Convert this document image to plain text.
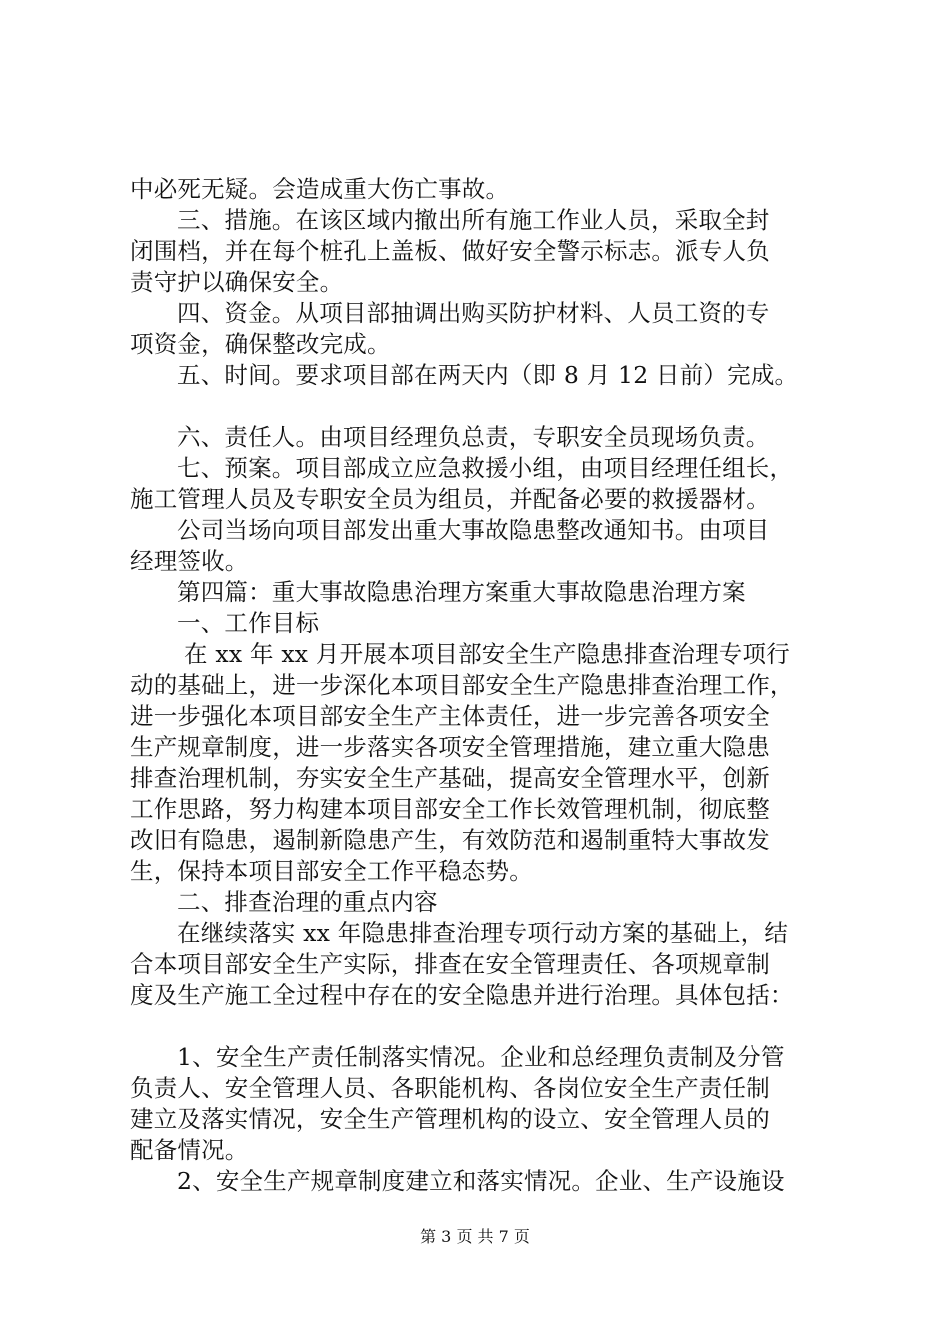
中必死无疑。会造成重大伤亡事故。
三、措施。在该区域内撤出所有施工作业人员，采取全封
闭围档，并在每个桩孔上盖板、做好安全警示标志。派专人负
责守护以确保安全。
四、资金。从项目部抽调出购买防护材料、人员工资的专
项资金，确保整改完成。
五、时间。要求项目部在两天内（即 8 月 12 日前）完成。
六、责任人。由项目经理负总责，专职安全员现场负责。
七、预案。项目部成立应急救援小组，由项目经理任组长，
施工管理人员及专职安全员为组员，并配备必要的救援器材。
公司当场向项目部发出重大事故隐患整改通知书。由项目
经理签收。
第四篇：重大事故隐患治理方案重大事故隐患治理方案
一、工作目标
在 xx 年 xx 月开展本项目部安全生产隐患排查治理专项行
动的基础上，进一步深化本项目部安全生产隐患排查治理工作，
进一步强化本项目部安全生产主体责任，进一步完善各项安全
生产规章制度，进一步落实各项安全管理措施，建立重大隐患
排查治理机制，夯实安全生产基础，提高安全管理水平，创新
工作思路，努力构建本项目部安全工作长效管理机制，彻底整
改旧有隐患，遏制新隐患产生，有效防范和遏制重特大事故发
生，保持本项目部安全工作平稳态势。
二、排查治理的重点内容
在继续落实 xx 年隐患排查治理专项行动方案的基础上，结
合本项目部安全生产实际，排查在安全管理责任、各项规章制
度及生产施工全过程中存在的安全隐患并进行治理。具体包括：
1、安全生产责任制落实情况。企业和总经理负责制及分管
负责人、安全管理人员、各职能机构、各岗位安全生产责任制
建立及落实情况，安全生产管理机构的设立、安全管理人员的
配备情况。
2、安全生产规章制度建立和落实情况。企业、生产设施设
第 3 页 共 7 页
